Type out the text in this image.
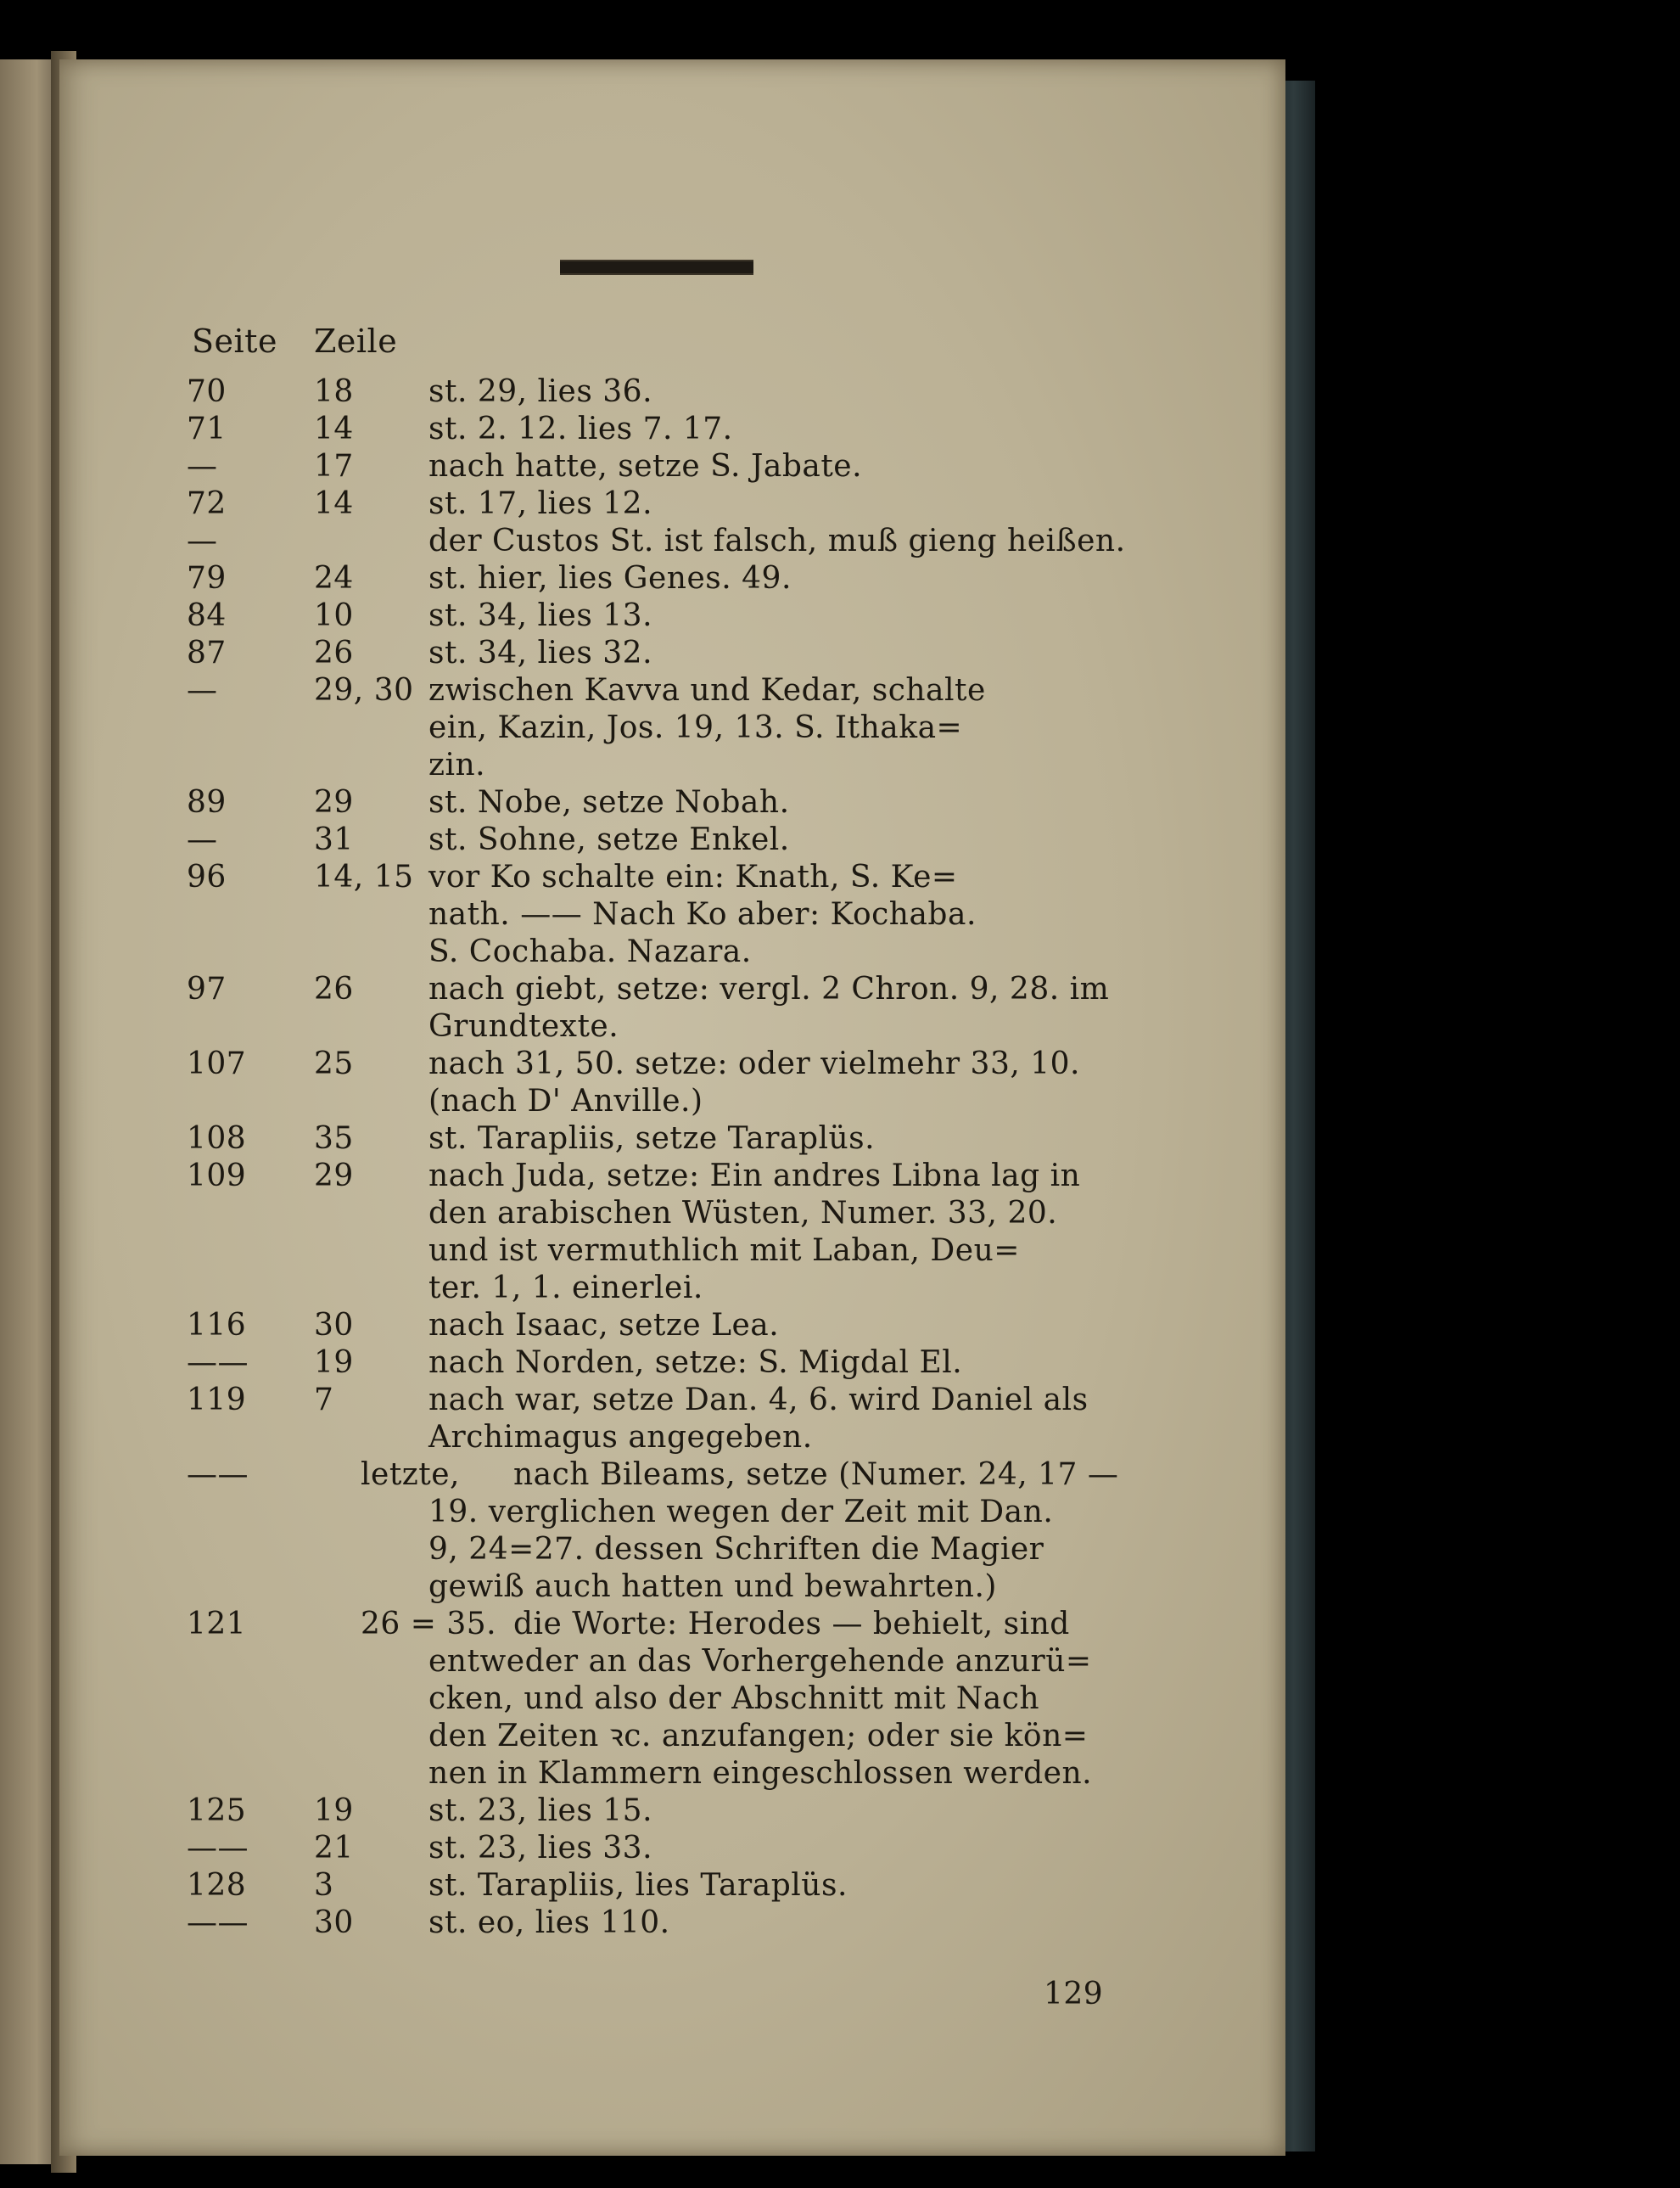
Seite Zeile
70	18 st. 29, lies 36.
71	14 st. 2. 12. lies 7. 17.
—	17 nach hatte, setze S. Jabate.
72	14 st. 17, lies 12.
—	der Custos St. ist falsch, muß gieng heißen.
79	24 st. hier, lies Genes. 49.
84	10 st. 34, lies 13.
87	26 st. 34, lies 32.
—	29, 30 zwischen Kavva und Kedar, schalte
ein, Kazin, Jos. 19, 13. S. Ithaka=
zin.
89	29 st. Nobe, setze Nobah.
—	31 st. Sohne, setze Enkel.
96	14, 15 vor Ko schalte ein: Knath, S. Ke=
nath. —— Nach Ko aber: Kochaba.
S. Cochaba. Nazara.
97	26 nach giebt, setze: vergl. 2 Chron. 9, 28. im
Grundtexte.
107 25 nach 31, 50. setze: oder vielmehr 33, 10.
(nach D' Anville.)
108 35 st. Tarapliis, setze Taraplüs.
109 29 nach Juda, setze: Ein andres Libna lag in
den arabischen Wüsten, Numer. 33, 20.
und ist vermuthlich mit Laban, Deu=
ter. 1, 1. einerlei.
116 30 nach Isaac, setze Lea.
—— 19 nach Norden, setze: S. Migdal El.
119 7	nach war, setze Dan. 4, 6. wird Daniel als
Archimagus angegeben.
——	letzte, nach Bileams, setze (Numer. 24, 17 —
19. verglichen wegen der Zeit mit Dan.
9, 24=27. dessen Schriften die Magier
gewiß auch hatten und bewahrten.)
121	26 = 35. die Worte: Herodes — behielt, sind
entweder an das Vorhergehende anzurü=
cken, und also der Abschnitt mit Nach
den Zeiten ꝛc. anzufangen; oder sie kön=
nen in Klammern eingeschlossen werden.
125 19 st. 23, lies 15.
—— 21 st. 23, lies 33.
128 3	st. Tarapliis, lies Taraplüs.
—— 30 st. eo, lies 110.
129
